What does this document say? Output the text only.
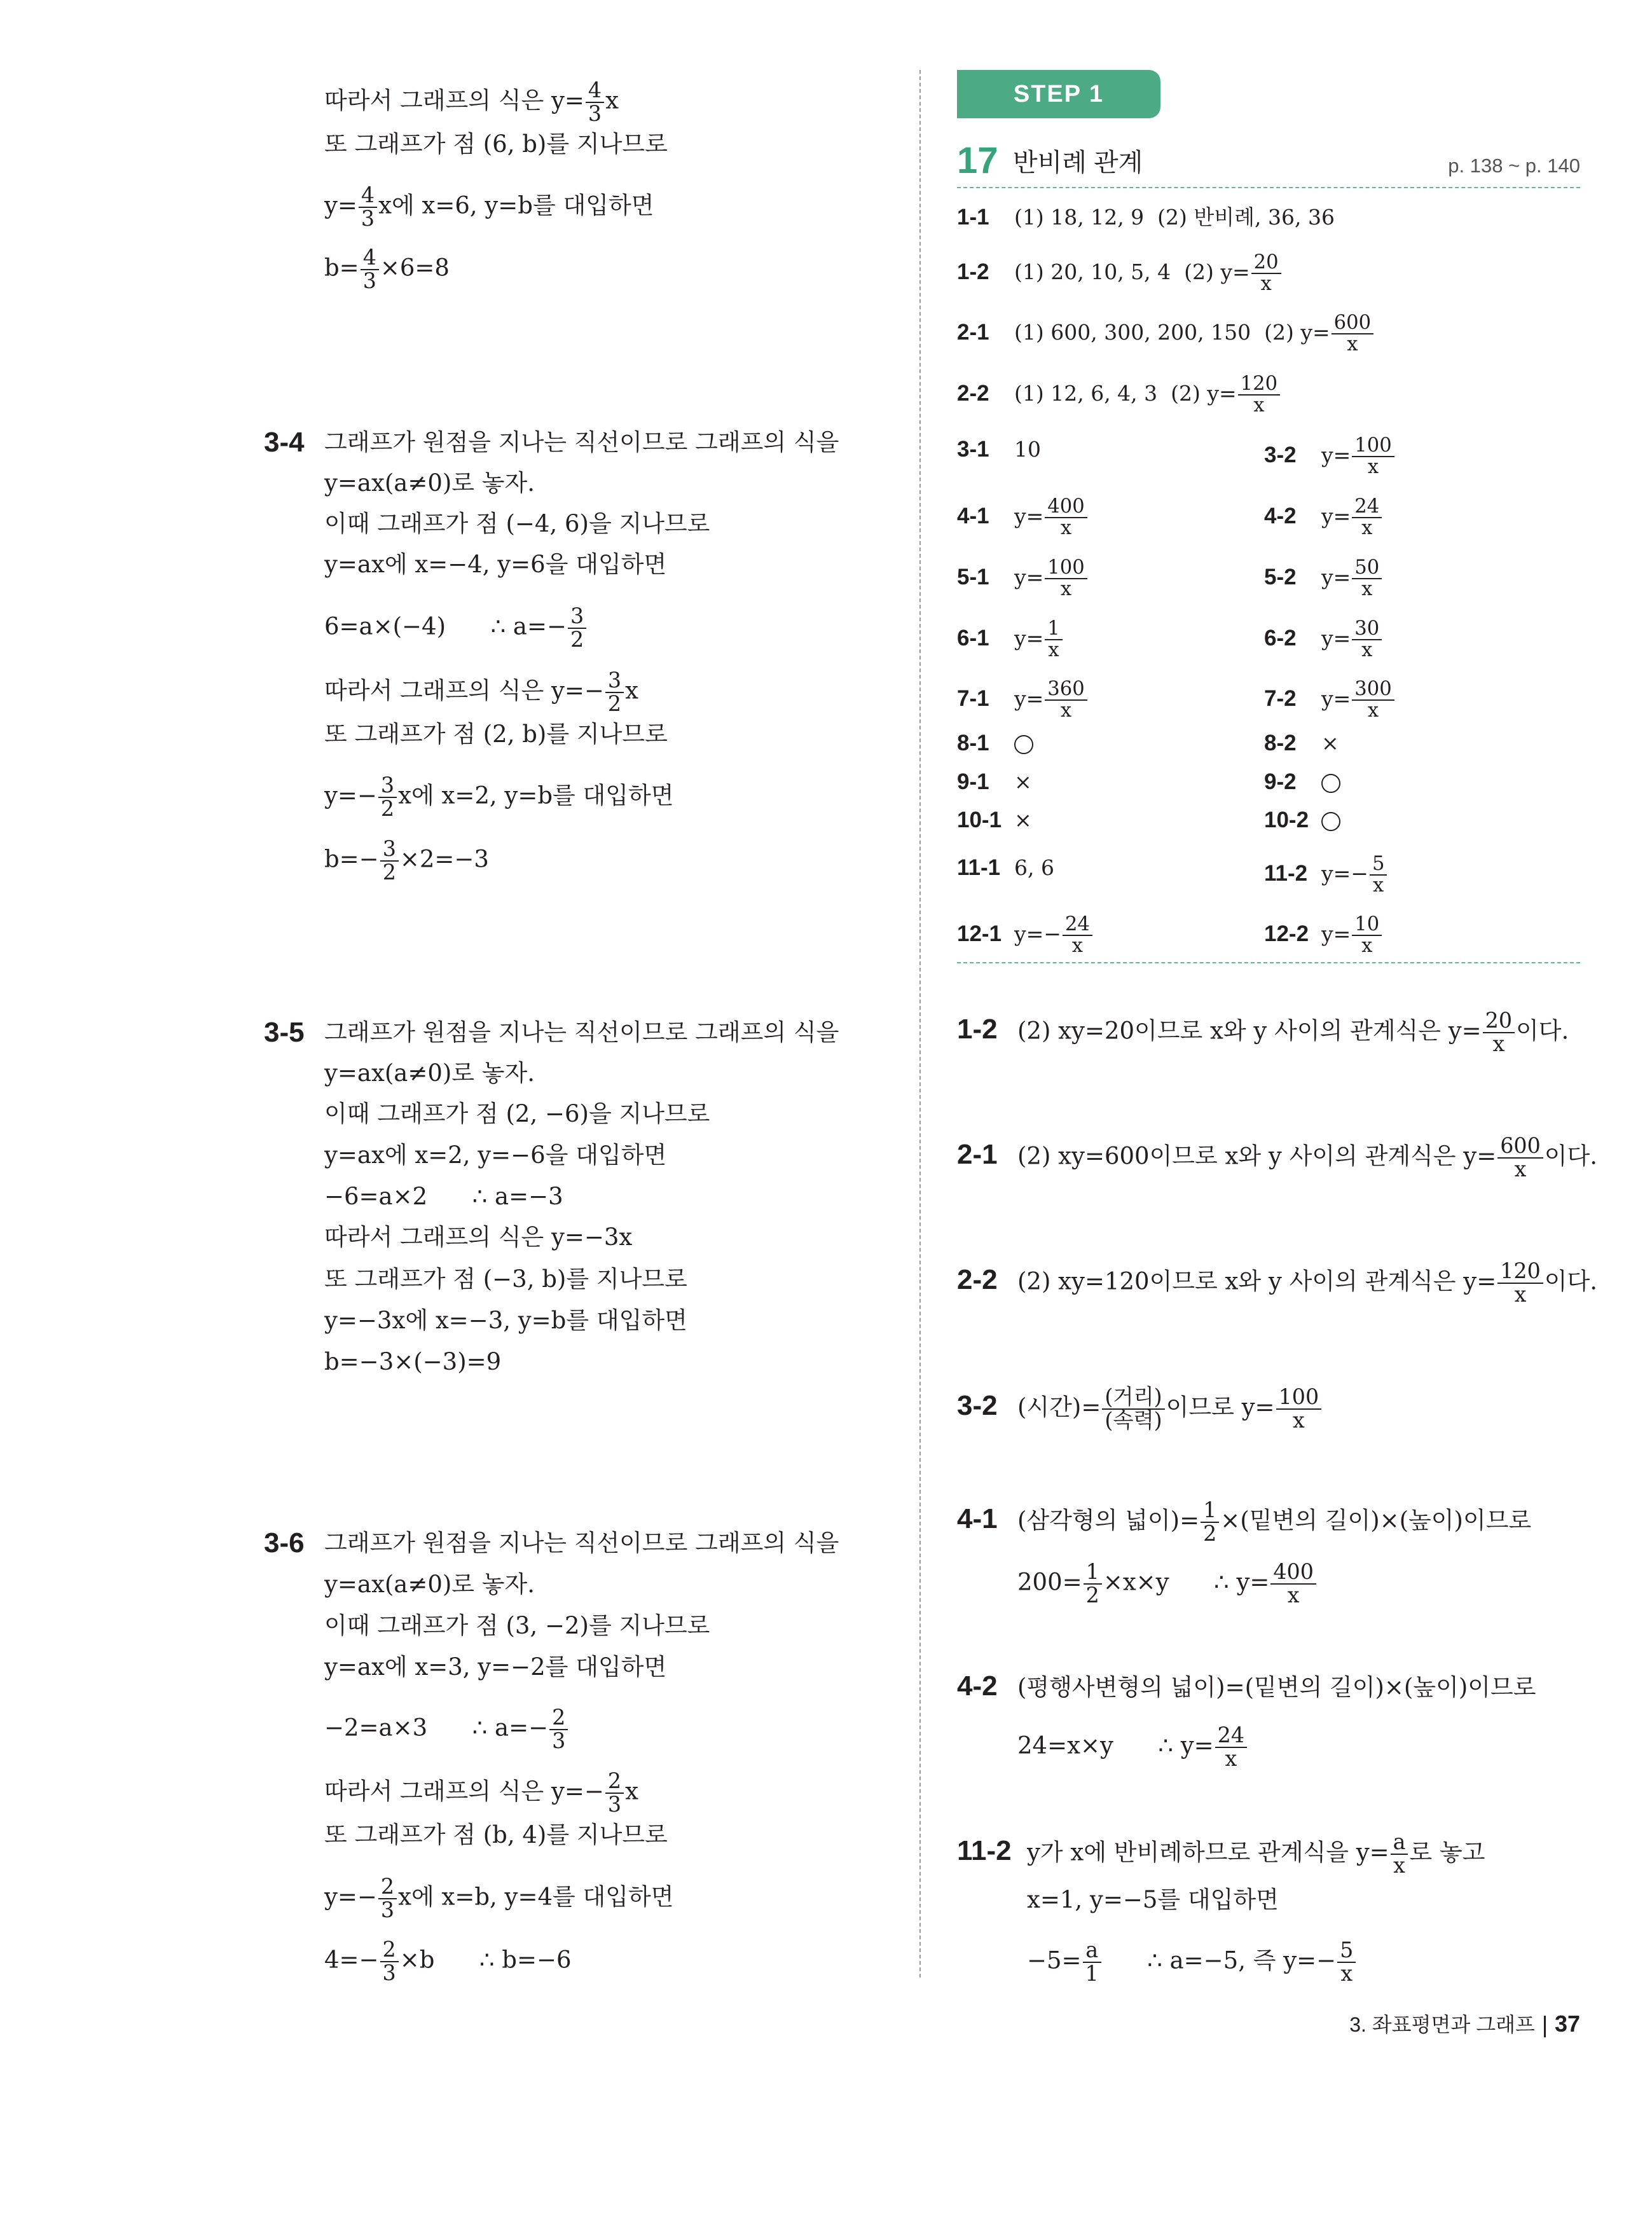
따라서 그래프의 식은 $y= \frac{4}{3}$ x
또 그래프가 점 (6, b)를 지나므로
$y= \frac{4}{3}$ x에 x=6, y=b를 대입하면
$b= \frac{4}{3} \times 6=8$
3-4 그래프가 원점을 지나는 직선이므로 그래프의 식을
y=ax(a≠0)로 놓자.
이때 그래프가 점 (−4, 6)을 지나므로
y=ax에 x=−4, y=6을 대입하면
6=a×(−4)      ∴ $a=- \frac{3}{2}$
따라서 그래프의 식은 $y=- \frac{3}{2}$ x
또 그래프가 점 (2, b)를 지나므로
$y=- \frac{3}{2}$ x에 x=2, y=b를 대입하면
$b=- \frac{3}{2} \times 2=-3$
3-5 그래프가 원점을 지나는 직선이므로 그래프의 식을
y=ax(a≠0)로 놓자.
이때 그래프가 점 (2, −6)을 지나므로
y=ax에 x=2, y=−6을 대입하면
−6=a×2      ∴ a=−3
따라서 그래프의 식은 y=−3x
또 그래프가 점 (−3, b)를 지나므로
y=−3x에 x=−3, y=b를 대입하면
b=−3×(−3)=9
3-6 그래프가 원점을 지나는 직선이므로 그래프의 식을
y=ax(a≠0)로 놓자.
이때 그래프가 점 (3, −2)를 지나므로
y=ax에 x=3, y=−2를 대입하면
−2=a×3      ∴ $a=- \frac{2}{3}$
따라서 그래프의 식은 $y=- \frac{2}{3}$ x
또 그래프가 점 (b, 4)를 지나므로
$y=- \frac{2}{3}$ x에 x=b, y=4를 대입하면
$4=- \frac{2}{3} \times b$      ∴ b=−6
STEP 1
17 반비례 관계	p. 138 ~ p. 140
1-1 (1) 18, 12, 9  (2) 반비례, 36, 36
1-2 (1) 20, 10, 5, 4  (2) $y= \frac{20}{x}$
2-1 (1) 600, 300, 200, 150  (2) $y= \frac{600}{x}$
2-2 (1) 12, 6, 4, 3  (2) $y= \frac{120}{x}$
3-1 10	3-2 $y= \frac{100}{x}$
4-1 $y= \frac{400}{x}$	4-2 $y= \frac{24}{x}$
5-1 $y= \frac{100}{x}$	5-2 $y= \frac{50}{x}$
6-1 $y= \frac{1}{x}$	6-2 $y= \frac{30}{x}$
7-1 $y= \frac{360}{x}$	7-2 $y= \frac{300}{x}$
8-1	8-2 ×
9-1 ×	9-2
10-1 ×	10-2
11-1 6, 6	11-2 $y=- \frac{5}{x}$
12-1 $y=- \frac{24}{x}$	12-2 $y= \frac{10}{x}$
1-2 (2) xy=20이므로 x와 y 사이의 관계식은 $y= \frac{20}{x}$ 이다.
2-1 (2) xy=600이므로 x와 y 사이의 관계식은 $y= \frac{600}{x}$ 이다.
2-2 (2) xy=120이므로 x와 y 사이의 관계식은 $y= \frac{120}{x}$ 이다.
3-2 (시간)= (거리)
(속력) 이므로 $y= \frac{100}{x}$
4-1 (삼각형의 넓이)= $\frac{1}{2}$ ×(밑변의 길이)×(높이)이므로
$200= \frac{1}{2} \times x\times y$      ∴ $y= \frac{400}{x}$
4-2 (평행사변형의 넓이)=(밑변의 길이)×(높이)이므로
24=x×y      ∴ $y= \frac{24}{x}$
11-2 y가 x에 반비례하므로 관계식을 $y= \frac{a}{x}$ 로 놓고
x=1, y=−5를 대입하면
$-5= \frac{a}{1}$ ∴ a=−5, 즉 $y=- \frac{5}{x}$
3. 좌표평면과 그래프 37
